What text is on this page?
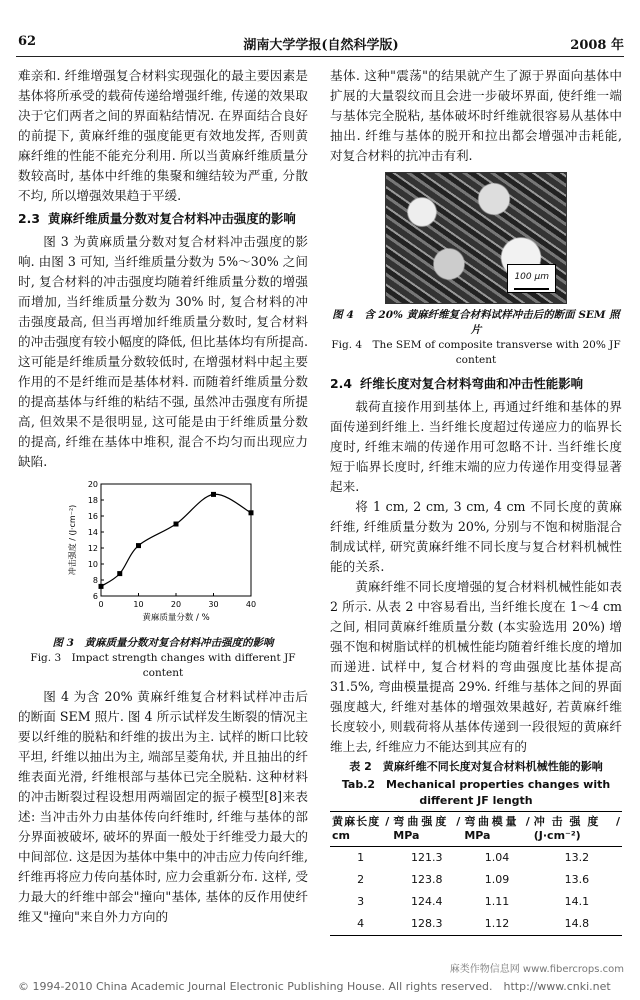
62	湖南大学学报(自然科学版)	2008 年

难亲和. 纤维增强复合材料实现强化的最主要因素是基体将所承受的载荷传递给增强纤维, 传递的效果取决于它们两者之间的界面粘结情况. 在界面结合良好的前提下, 黄麻纤维的强度能更有效地发挥, 否则黄麻纤维的性能不能充分利用. 所以当黄麻纤维质量分数较高时, 基体中纤维的集聚和缠结较为严重, 分散不均, 所以增强效果趋于平缓.

2.3 黄麻纤维质量分数对复合材料冲击强度的影响

图 3 为黄麻质量分数对复合材料冲击强度的影响. 由图 3 可知, 当纤维质量分数为 5%～30% 之间时, 复合材料的冲击强度均随着纤维质量分数的增强而增加, 当纤维质量分数为 30% 时, 复合材料的冲击强度最高, 但当再增加纤维质量分数时, 复合材料的冲击强度有较小幅度的降低, 但比基体均有所提高. 这可能是纤维质量分数较低时, 在增强材料中起主要作用的不是纤维而是基体材料. 而随着纤维质量分数的提高基体与纤维的粘结不强, 虽然冲击强度有所提高, 但效果不是很明显, 这可能是由于纤维质量分数的提高, 纤维在基体中堆积, 混合不均匀而出现应力缺陷.

0	10	20	30	40
6
8
10
12
14
16
18
20
黄麻质量分数 / %
冲击强度 / (J·cm⁻²)

图 3　黄麻质量分数对复合材料冲击强度的影响

Fig. 3　Impact strength changes with different JF content

图 4 为含 20% 黄麻纤维复合材料试样冲击后的断面 SEM 照片. 图 4 所示试样发生断裂的情况主要以纤维的脱粘和纤维的拔出为主. 试样的断口比较平坦, 纤维以抽出为主, 端部呈菱角状, 并且抽出的纤维表面光滑, 纤维根部与基体已完全脱粘. 这种材料的冲击断裂过程设想用两端固定的振子模型[8]来表述: 当冲击外力由基体传向纤维时, 纤维与基体的部分界面被破坏, 破坏的界面一般处于纤维受力最大的中间部位. 这是因为基体中集中的冲击应力传向纤维, 纤维再将应力传向基体时, 应力会重新分布. 这样, 受力最大的纤维中部会"撞向"基体, 基体的反作用使纤维又"撞向"来自外力方向的

基体. 这种"震荡"的结果就产生了源于界面向基体中扩展的大量裂纹而且会进一步破坏界面, 使纤维一端与基体完全脱粘, 基体破坏时纤维就很容易从基体中抽出. 纤维与基体的脱开和拉出都会增强冲击耗能, 对复合材料的抗冲击有利.

100 μm

图 4　含 20% 黄麻纤维复合材料试样冲击后的断面 SEM 照片

Fig. 4　The SEM of composite transverse with 20% JF content

2.4 纤维长度对复合材料弯曲和冲击性能影响

载荷直接作用到基体上, 再通过纤维和基体的界面传递到纤维上. 当纤维长度超过传递应力的临界长度时, 纤维末端的传递作用可忽略不计. 当纤维长度短于临界长度时, 纤维末端的应力传递作用变得显著起来.

将 1 cm, 2 cm, 3 cm, 4 cm 不同长度的黄麻纤维, 纤维质量分数为 20%, 分别与不饱和树脂混合制成试样, 研究黄麻纤维不同长度与复合材料机械性能的关系.

黄麻纤维不同长度增强的复合材料机械性能如表 2 所示. 从表 2 中容易看出, 当纤维长度在 1～4 cm 之间, 相同黄麻纤维质量分数 (本实验选用 20%) 增强不饱和树脂试样的机械性能均随着纤维长度的增加而递进. 试样中, 复合材料的弯曲强度比基体提高 31.5%, 弯曲模量提高 29%. 纤维与基体之间的界面强度越大, 纤维对基体的增强效果越好, 若黄麻纤维长度较小, 则载荷将从基体传递到一段很短的黄麻纤维上去, 纤维应力不能达到其应有的

表 2　黄麻纤维不同长度对复合材料机械性能的影响
Tab.2　Mechanical properties changes with
different JF length
黄麻长度 / cm	弯曲强度 / MPa	弯曲模量 / MPa	冲击强度 / (J·cm⁻²)
1	121.3	1.04	13.2
2	123.8	1.09	13.6
3	124.4	1.11	14.1
4	128.3	1.12	14.8
© 1994-2010 China Academic Journal Electronic Publishing House. All rights reserved.　http://www.cnki.net
麻类作物信息网 www.fibercrops.com
